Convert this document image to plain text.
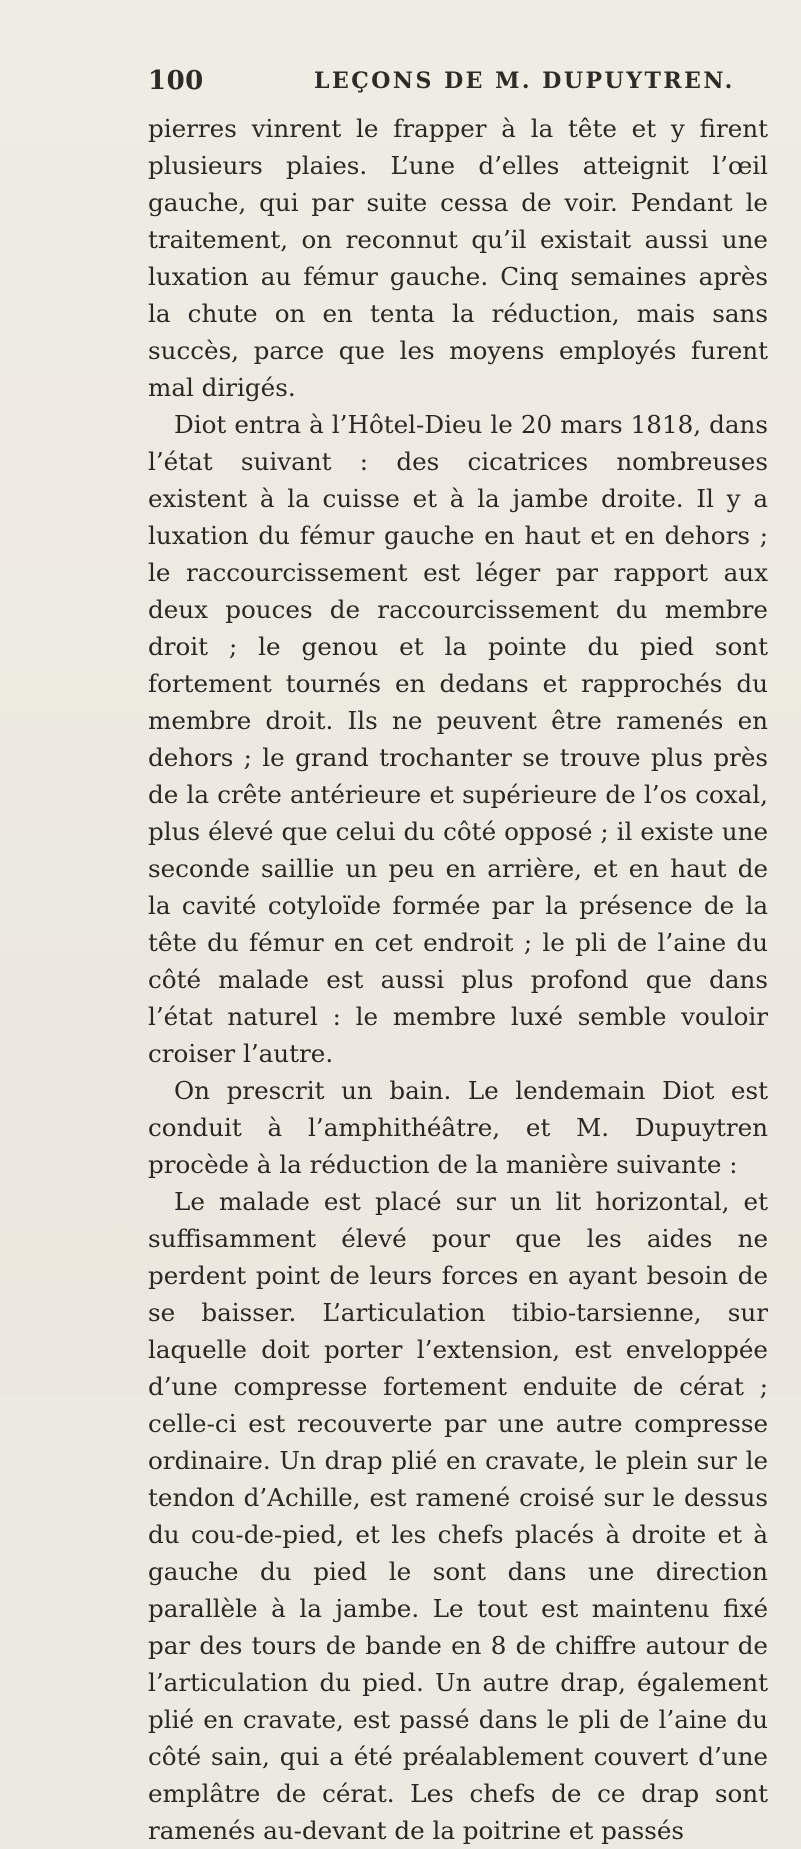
100	LEÇONS DE M. DUPUYTREN.

pierres vinrent le frapper à la tête et y firent plusieurs plaies. L’une d’elles atteignit l’œil gauche, qui par suite cessa de voir. Pendant le traitement, on reconnut qu’il existait aussi une luxation au fémur gauche. Cinq semaines après la chute on en tenta la réduction, mais sans succès, parce que les moyens employés furent mal dirigés.

Diot entra à l’Hôtel-Dieu le 20 mars 1818, dans l’état suivant : des cicatrices nombreuses existent à la cuisse et à la jambe droite. Il y a luxation du fémur gauche en haut et en dehors ; le raccourcissement est léger par rapport aux deux pouces de raccourcissement du membre droit ; le genou et la pointe du pied sont fortement tournés en dedans et rapprochés du membre droit. Ils ne peuvent être ramenés en dehors ; le grand trochanter se trouve plus près de la crête antérieure et supérieure de l’os coxal, plus élevé que celui du côté opposé ; il existe une seconde saillie un peu en arrière, et en haut de la cavité cotyloïde formée par la présence de la tête du fémur en cet endroit ; le pli de l’aine du côté malade est aussi plus profond que dans l’état naturel : le membre luxé semble vouloir croiser l’autre.

On prescrit un bain. Le lendemain Diot est conduit à l’amphithéâtre, et M. Dupuytren procède à la réduction de la manière suivante :

Le malade est placé sur un lit horizontal, et suffisamment élevé pour que les aides ne perdent point de leurs forces en ayant besoin de se baisser. L’articulation tibio-tarsienne, sur laquelle doit porter l’extension, est enveloppée d’une compresse fortement enduite de cérat ; celle-ci est recouverte par une autre compresse ordinaire. Un drap plié en cravate, le plein sur le tendon d’Achille, est ramené croisé sur le dessus du cou-de-pied, et les chefs placés à droite et à gauche du pied le sont dans une direction parallèle à la jambe. Le tout est maintenu fixé par des tours de bande en 8 de chiffre autour de l’articulation du pied. Un autre drap, également plié en cravate, est passé dans le pli de l’aine du côté sain, qui a été préalablement couvert d’une emplâtre de cérat. Les chefs de ce drap sont ramenés au-devant de la poitrine et passés
